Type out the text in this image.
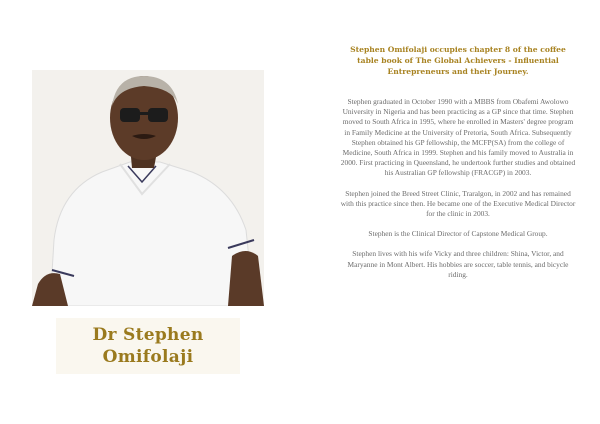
Dr Stephen
Omifolaji

Stephen Omifolaji occupies chapter 8 of the coffee table book of The Global Achievers - Influential Entrepreneurs and their Journey.

Stephen graduated in October 1990 with a MBBS from Obafemi Awolowo University in Nigeria and has been practicing as a GP since that time. Stephen moved to South Africa in 1995, where he enrolled in Masters' degree program in Family Medicine at the University of Pretoria, South Africa. Subsequently Stephen obtained his GP fellowship, the MCFP(SA) from the college of Medicine, South Africa in 1999. Stephen and his family moved to Australia in 2000. First practicing in Queensland, he undertook further studies and obtained his Australian GP fellowship (FRACGP) in 2003.

Stephen joined the Breed Street Clinic, Traralgon, in 2002 and has remained with this practice since then. He became one of the Executive Medical Director for the clinic in 2003.

Stephen is the Clinical Director of Capstone Medical Group.

Stephen lives with his wife Vicky and three children: Shina, Victor, and Maryanne in Mont Albert. His hobbies are soccer, table tennis, and bicycle riding.
